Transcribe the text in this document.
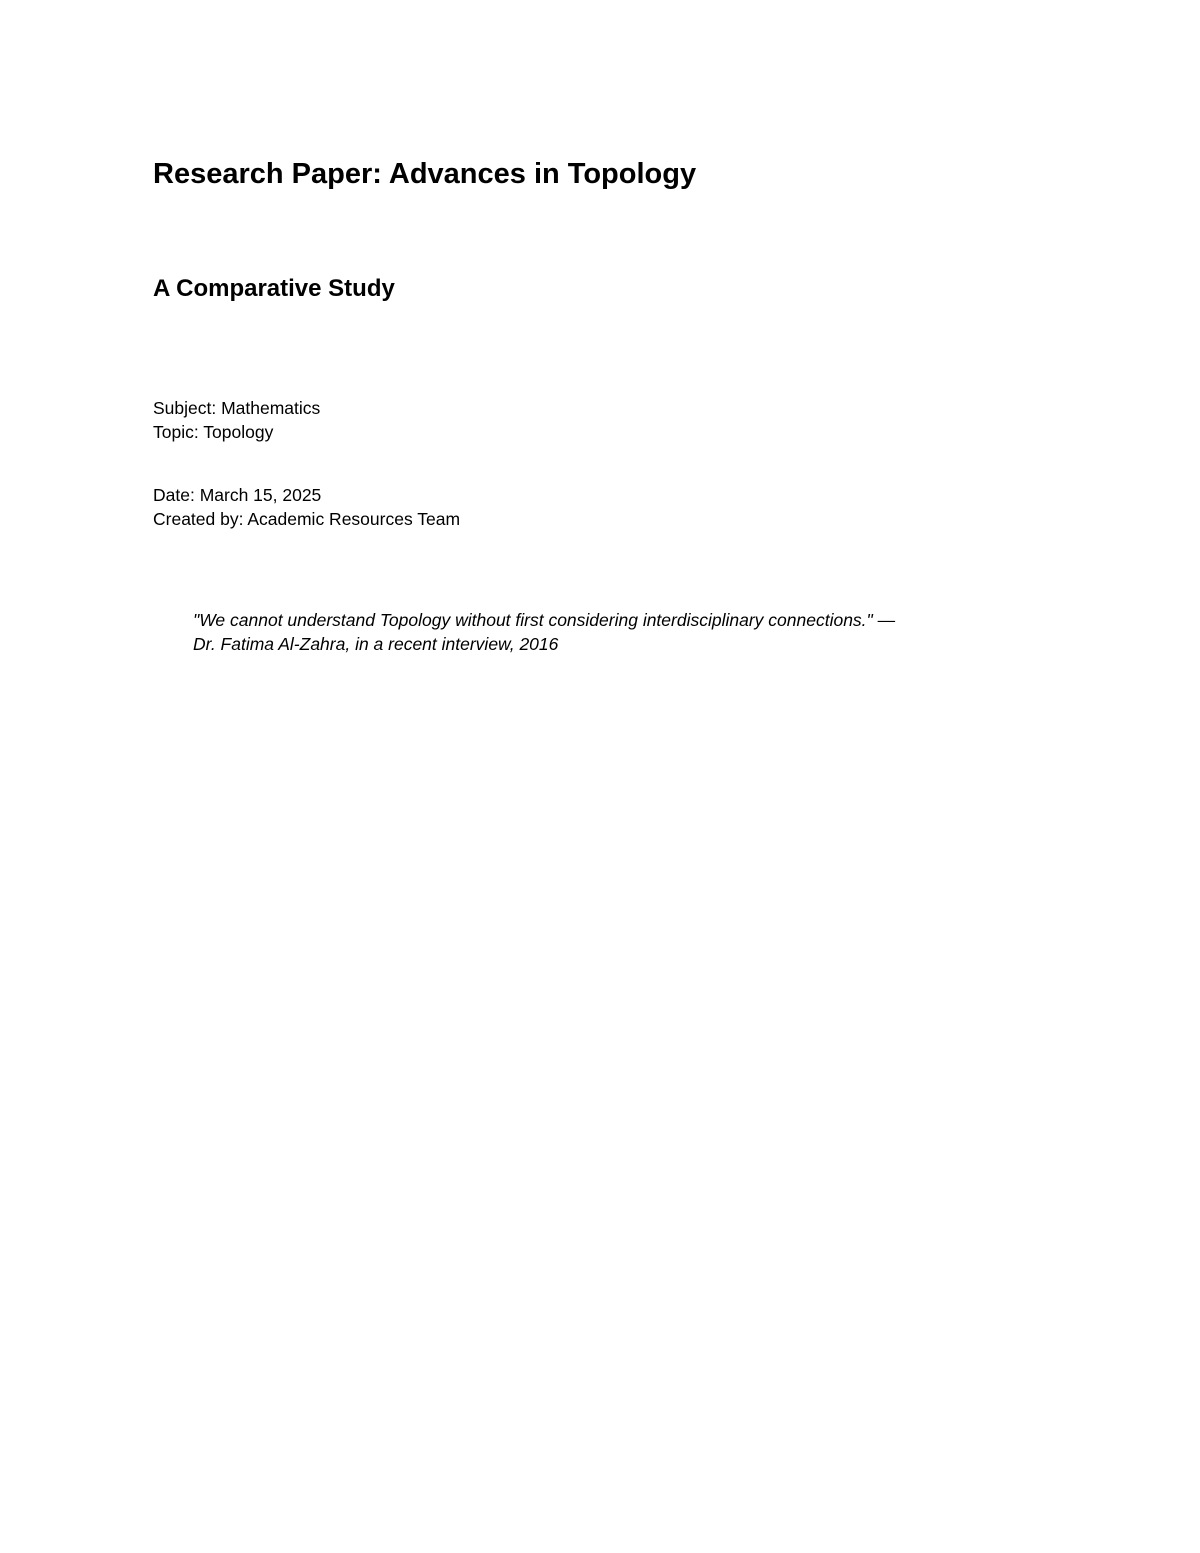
Research Paper: Advances in Topology
A Comparative Study

Subject: Mathematics
Topic: Topology

Date: March 15, 2025
Created by: Academic Resources Team

"We cannot understand Topology without first considering interdisciplinary connections." —
Dr. Fatima Al-Zahra, in a recent interview, 2016
